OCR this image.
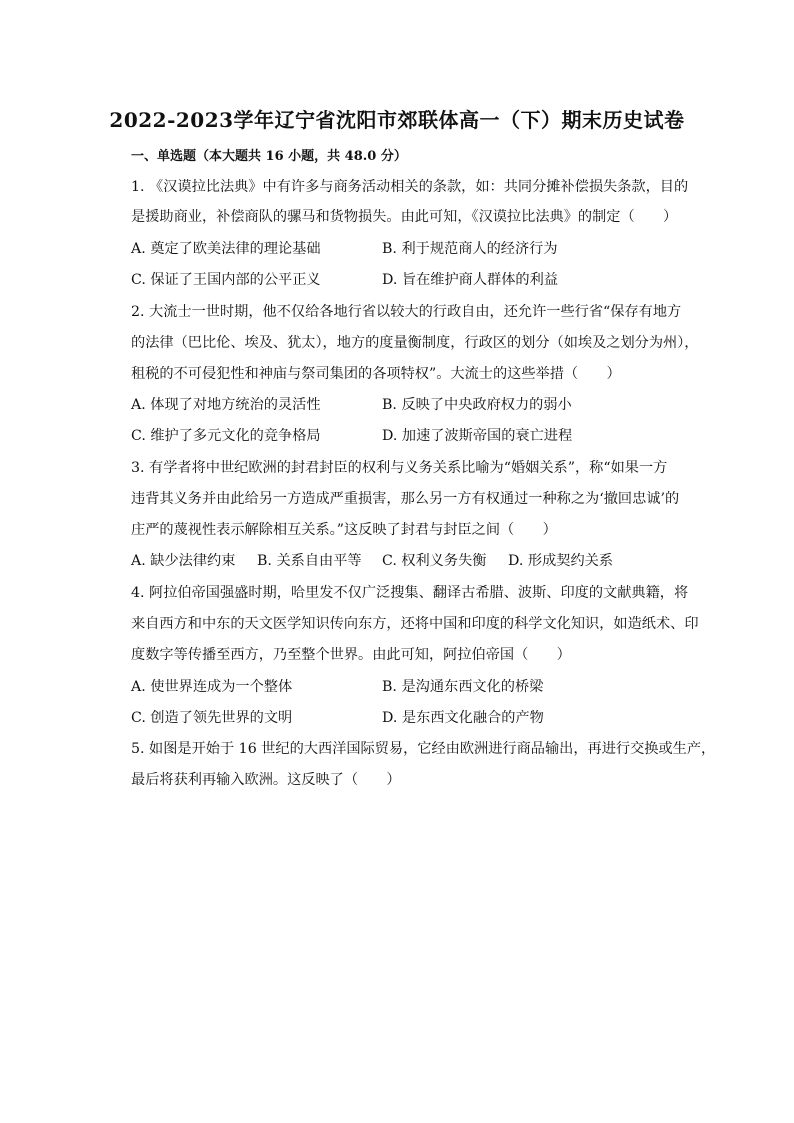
2022-2023学年辽宁省沈阳市郊联体高一（下）期末历史试卷
一、单选题（本大题共 16 小题，共 48.0 分）
1. 《汉谟拉比法典》中有许多与商务活动相关的条款，如：共同分摊补偿损失条款，目的
是援助商业，补偿商队的骡马和货物损失。由此可知，《汉谟拉比法典》的制定（　　）
A. 奠定了欧美法律的理论基础	B. 利于规范商人的经济行为
C. 保证了王国内部的公平正义	D. 旨在维护商人群体的利益
2. 大流士一世时期，他不仅给各地行省以较大的行政自由，还允许一些行省“保存有地方
的法律（巴比伦、埃及、犹太），地方的度量衡制度，行政区的划分（如埃及之划分为州），
租税的不可侵犯性和神庙与祭司集团的各项特权”。大流士的这些举措（　　）
A. 体现了对地方统治的灵活性	B. 反映了中央政府权力的弱小
C. 维护了多元文化的竞争格局	D. 加速了波斯帝国的衰亡进程
3. 有学者将中世纪欧洲的封君封臣的权利与义务关系比喻为“婚姻关系”，称“如果一方
违背其义务并由此给另一方造成严重损害，那么另一方有权通过一种称之为‘撤回忠诚’的
庄严的蔑视性表示解除相互关系。”这反映了封君与封臣之间（　　）
A. 缺少法律约束 B. 关系自由平等 C. 权利义务失衡 D. 形成契约关系
4. 阿拉伯帝国强盛时期，哈里发不仅广泛搜集、翻译古希腊、波斯、印度的文献典籍，将
来自西方和中东的天文医学知识传向东方，还将中国和印度的科学文化知识，如造纸术、印
度数字等传播至西方，乃至整个世界。由此可知，阿拉伯帝国（　　）
A. 使世界连成为一个整体	B. 是沟通东西文化的桥梁
C. 创造了领先世界的文明	D. 是东西文化融合的产物
5. 如图是开始于 16 世纪的大西洋国际贸易，它经由欧洲进行商品输出，再进行交换或生产，
最后将获利再输入欧洲。这反映了（　　）
